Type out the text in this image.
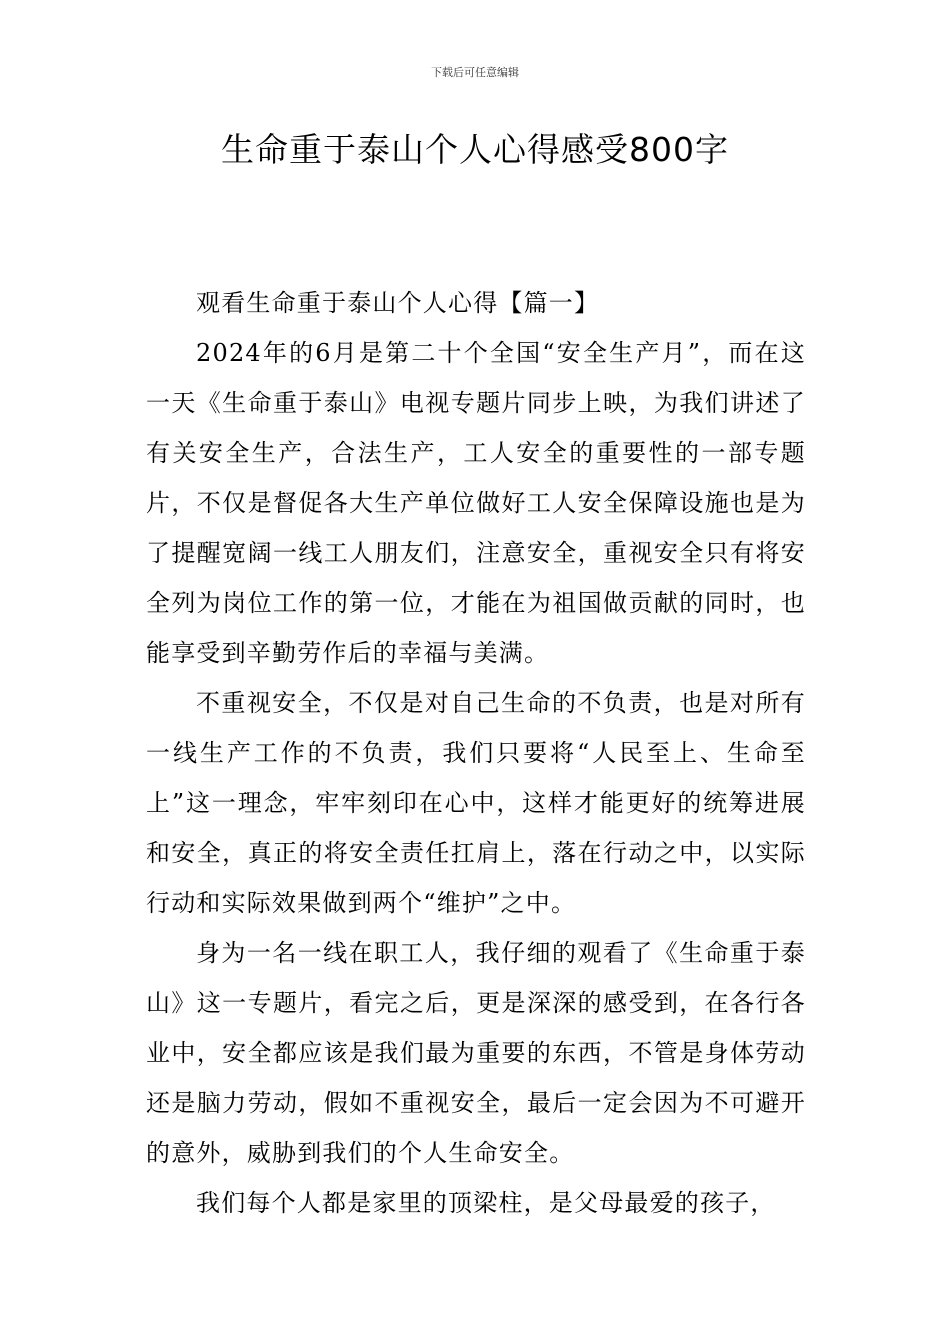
下载后可任意编辑
生命重于泰山个人心得感受800字

观看生命重于泰山个人心得【篇一】

2024年的6月是第二十个全国“安全生产月”，而在这一天《生命重于泰山》电视专题片同步上映，为我们讲述了有关安全生产，合法生产，工人安全的重要性的一部专题片，不仅是督促各大生产单位做好工人安全保障设施也是为了提醒宽阔一线工人朋友们，注意安全，重视安全只有将安全列为岗位工作的第一位，才能在为祖国做贡献的同时，也能享受到辛勤劳作后的幸福与美满。

不重视安全，不仅是对自己生命的不负责，也是对所有一线生产工作的不负责，我们只要将“人民至上、生命至上”这一理念，牢牢刻印在心中，这样才能更好的统筹进展和安全，真正的将安全责任扛肩上，落在行动之中，以实际行动和实际效果做到两个“维护”之中。

身为一名一线在职工人，我仔细的观看了《生命重于泰山》这一专题片，看完之后，更是深深的感受到，在各行各业中，安全都应该是我们最为重要的东西，不管是身体劳动还是脑力劳动，假如不重视安全，最后一定会因为不可避开的意外，威胁到我们的个人生命安全。

我们每个人都是家里的顶梁柱，是父母最爱的孩子，
